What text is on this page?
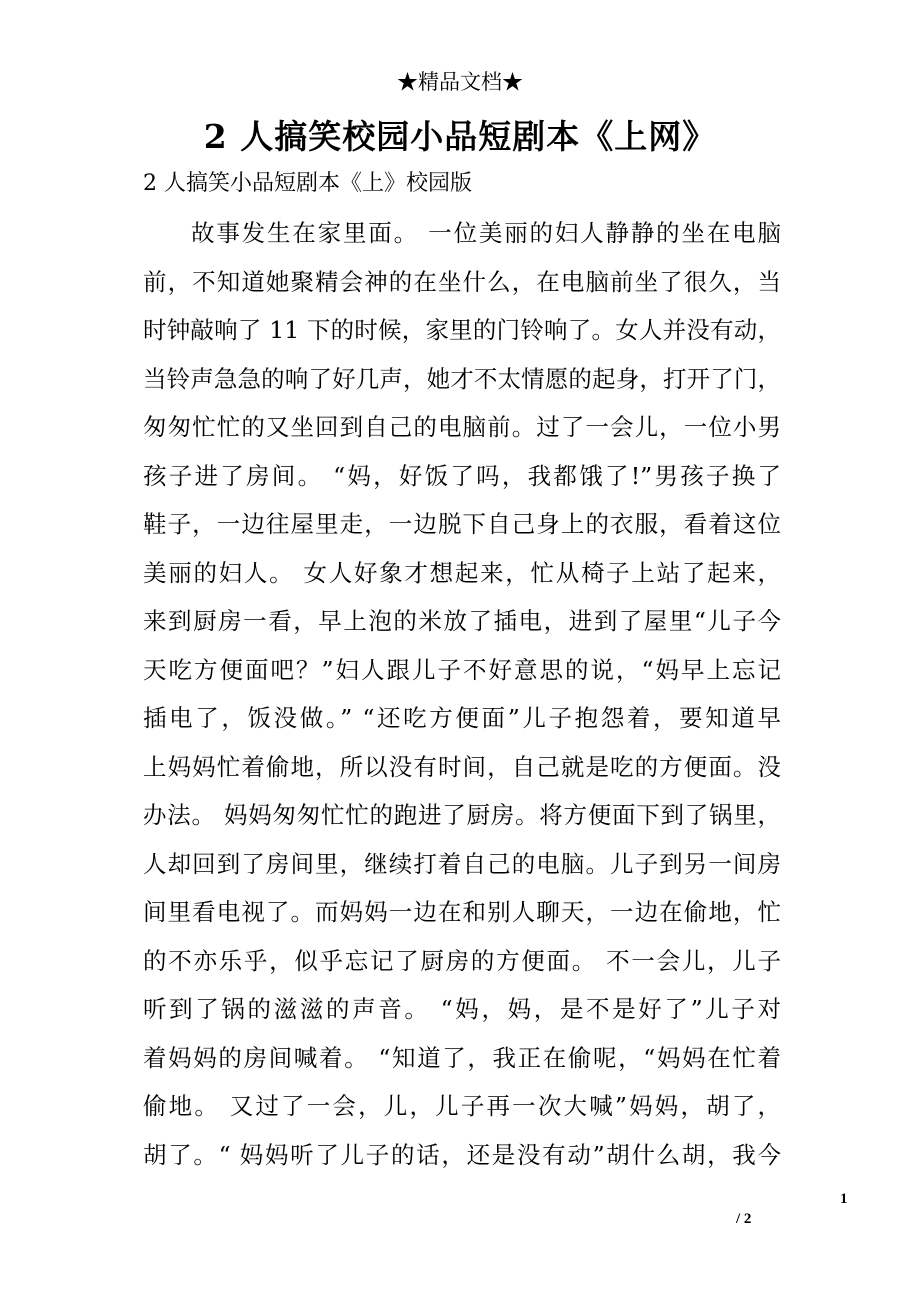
★精品文档★
2 人搞笑校园小品短剧本《上网》
2 人搞笑小品短剧本《上》校园版
故事发生在家里面。 一位美丽的妇人静静的坐在电脑
前，不知道她聚精会神的在坐什么，在电脑前坐了很久，当
时钟敲响了 11 下的时候，家里的门铃响了。女人并没有动，
当铃声急急的响了好几声，她才不太情愿的起身，打开了门，
匆匆忙忙的又坐回到自己的电脑前。过了一会儿，一位小男
孩子进了房间。 “妈，好饭了吗，我都饿了!”男孩子换了
鞋子，一边往屋里走，一边脱下自己身上的衣服，看着这位
美丽的妇人。 女人好象才想起来，忙从椅子上站了起来，
来到厨房一看，早上泡的米放了插电，进到了屋里“儿子今
天吃方便面吧？”妇人跟儿子不好意思的说，“妈早上忘记
插电了，饭没做。” “还吃方便面”儿子抱怨着，要知道早
上妈妈忙着偷地，所以没有时间，自己就是吃的方便面。没
办法。 妈妈匆匆忙忙的跑进了厨房。将方便面下到了锅里，
人却回到了房间里，继续打着自己的电脑。儿子到另一间房
间里看电视了。而妈妈一边在和别人聊天，一边在偷地，忙
的不亦乐乎，似乎忘记了厨房的方便面。 不一会儿，儿子
听到了锅的滋滋的声音。 “妈，妈，是不是好了”儿子对
着妈妈的房间喊着。 “知道了，我正在偷呢，“妈妈在忙着
偷地。 又过了一会，儿，儿子再一次大喊”妈妈，胡了，
胡了。“ 妈妈听了儿子的话，还是没有动”胡什么胡，我今
1
/ 2
